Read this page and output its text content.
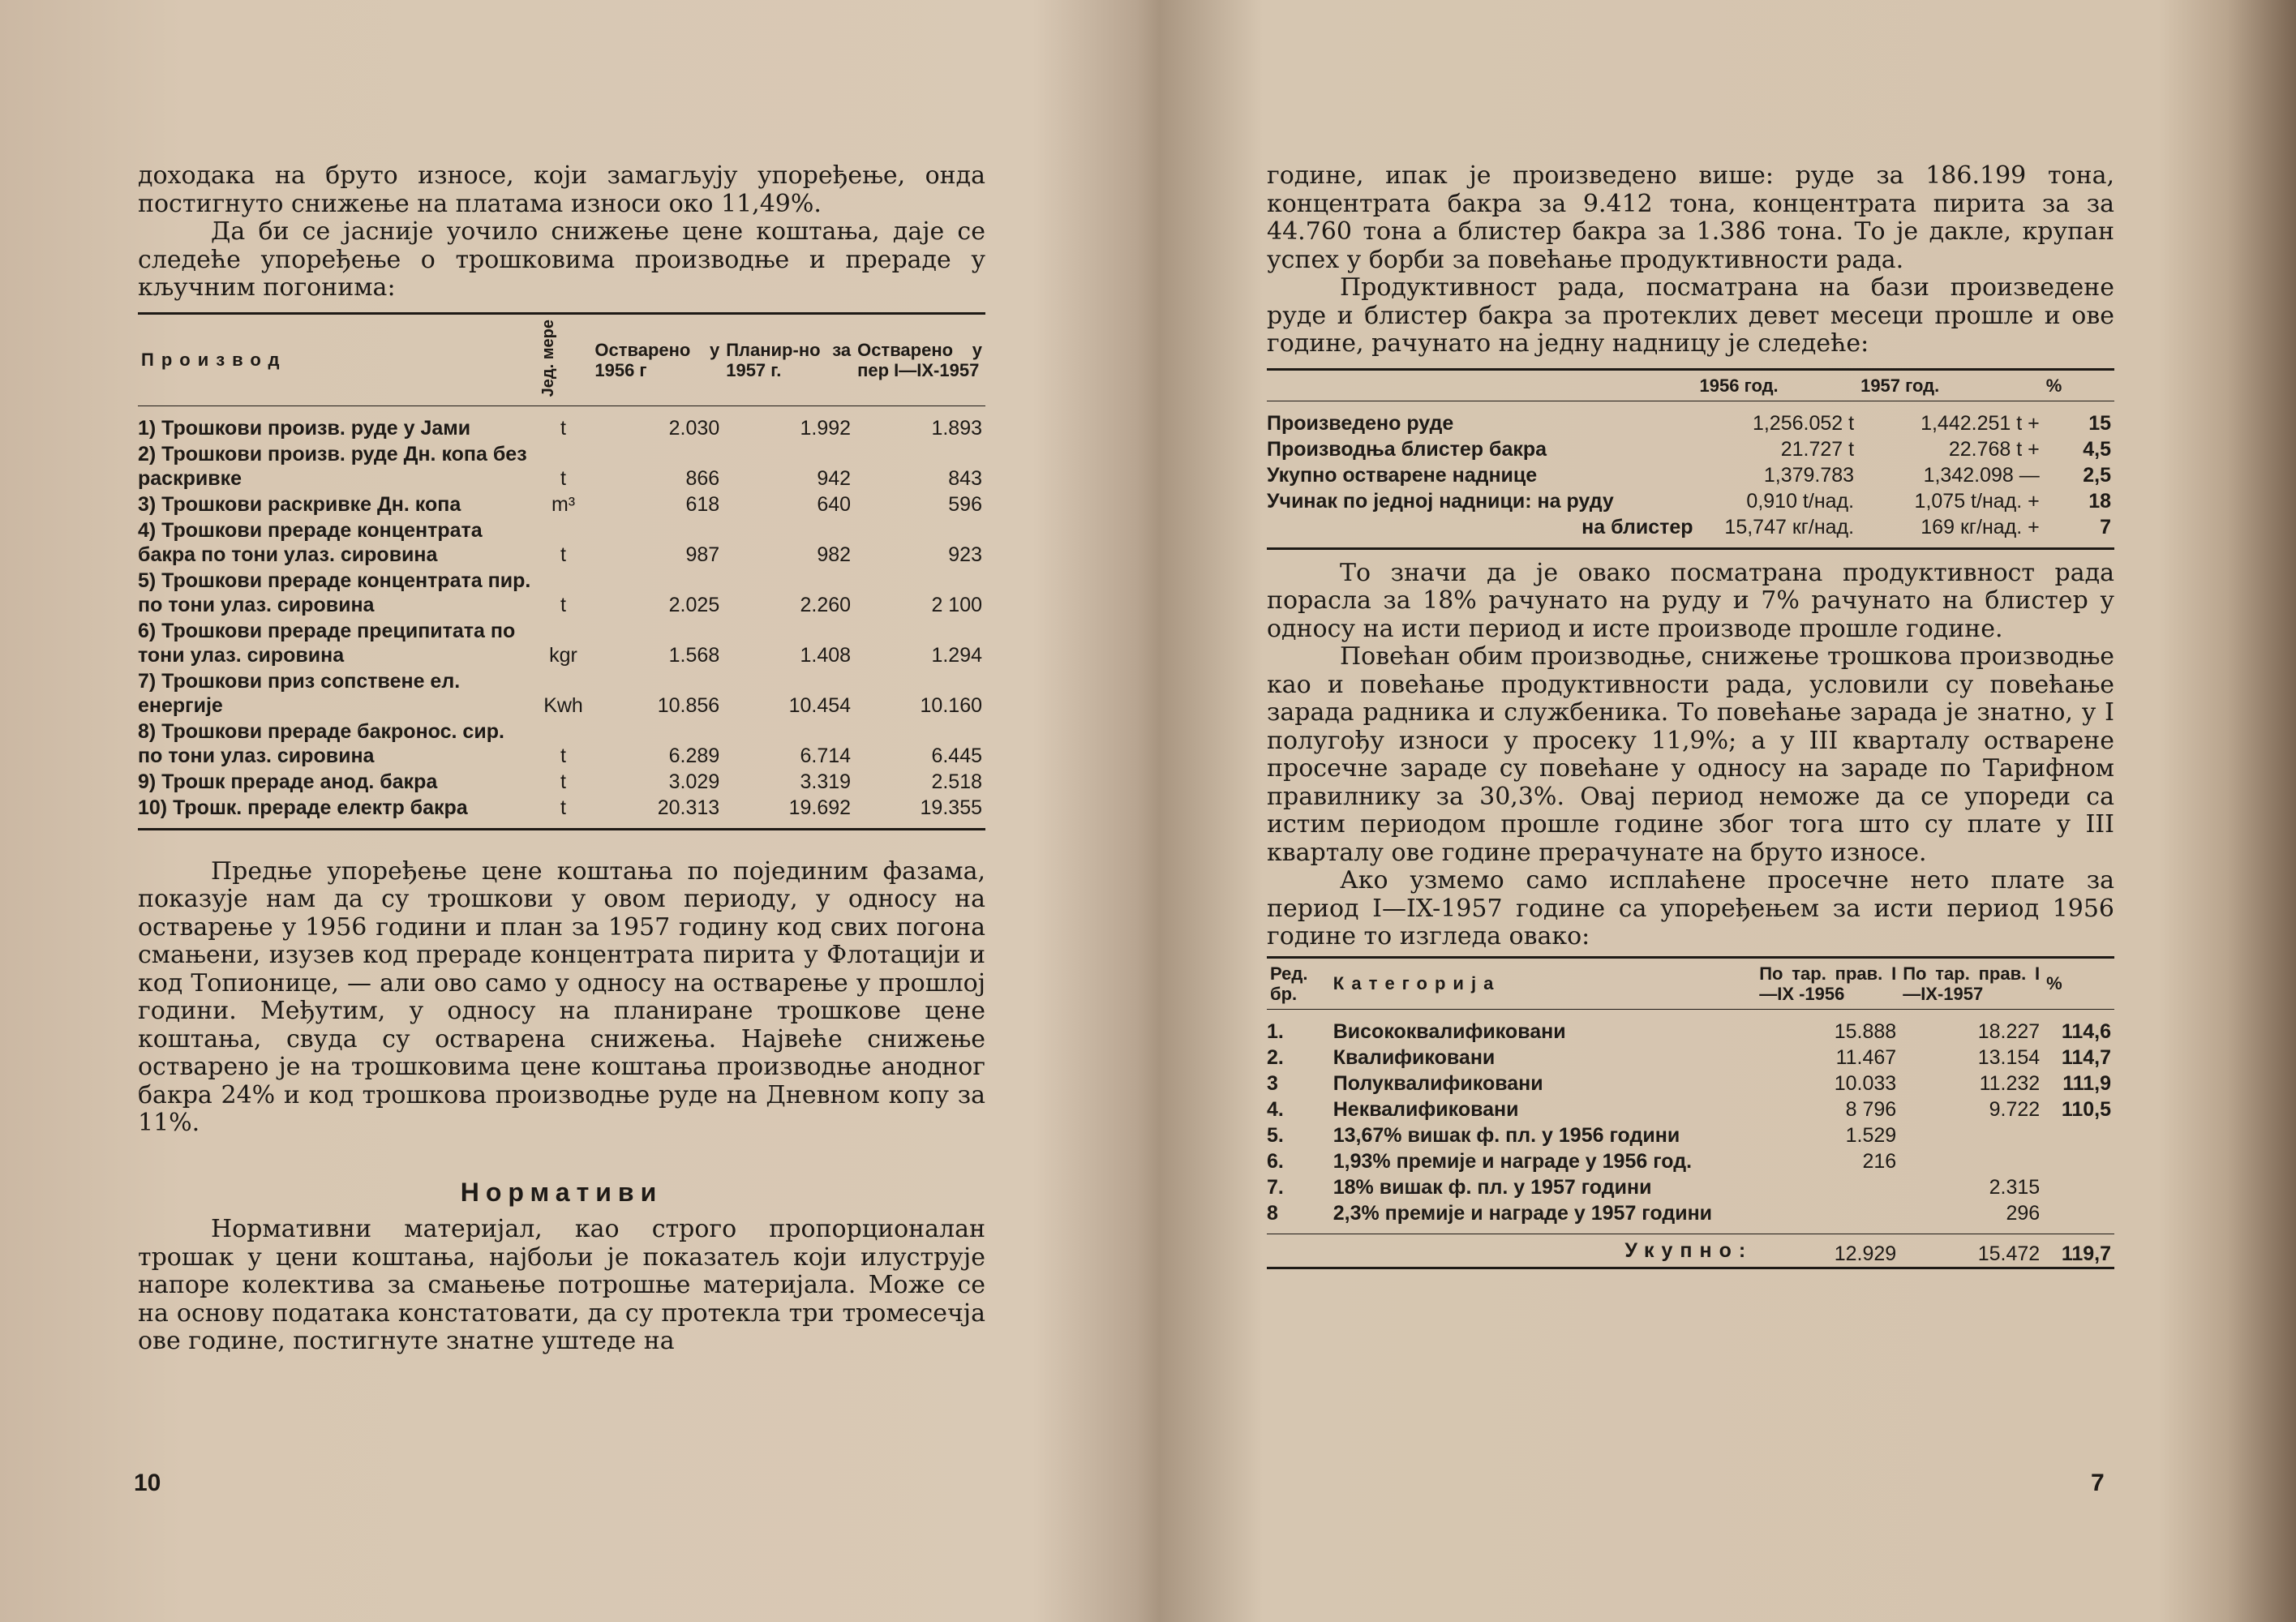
доходака на бруто износе, који замагљују упоређење, онда постигнуто снижење на платама износи око 11,49%.

Да би се јасније уочило снижење цене коштања, даје се следеће упоређење о трошковима производње и прераде у кључним погонима:

Производ	Јед. мере	Остварено у 1956 г	Планир-но за 1957 г.	Остварено у пер I—IX-1957
1) Трошкови произв. руде у Јами	t	2.030	1.992	1.893
2) Трошкови произв. руде Дн. копа без раскривке	t	866	942	843
3) Трошкови раскривке Дн. копа	m³	618	640	596
4) Трошкови прераде концентрата бакра по тони улаз. сировина	t	987	982	923
5) Трошкови прераде концентрата пир. по тони улаз. сировина	t	2.025	2.260	2 100
6) Трошкови прераде преципитата по тони улаз. сировина	kgr	1.568	1.408	1.294
7) Трошкови приз сопствене ел. енергије	Kwh	10.856	10.454	10.160
8) Трошкови прераде бакронос. сир. по тони улаз. сировина	t	6.289	6.714	6.445
9) Трошк прераде анод. бакра	t	3.029	3.319	2.518
10) Трошк. прераде електр бакра	t	20.313	19.692	19.355

Предње упоређење цене коштања по појединим фазама, показује нам да су трошкови у овом периоду, у односу на остварење у 1956 години и план за 1957 годину код свих погона смањени, изузев код прераде концентрата пирита у Флотацији и код Топионице, — али ово само у односу на остварење у прошлој години. Међутим, у односу на планиране трошкове цене коштања, свуда су остварена снижења. Највеће снижење остварено је на трошковима цене коштања производње анодног бакра 24% и код трошкова производње руде на Дневном копу за 11%.

Нормативи

Нормативни материјал, као строго пропорционалан трошак у цени коштања, најбољи је показатељ који илуструје напоре колектива за смањење потрошње материјала. Може се на основу података констатовати, да су протекла три тромесечја ове године, постигнуте знатне уштеде на

10

године, ипак је произведено више: руде за 186.199 тона, концентрата бакра за 9.412 тона, концентрата пирита за за 44.760 тона а блистер бакра за 1.386 тона. То је дакле, крупан успех у борби за повећање продуктивности рада.

Продуктивност рада, посматрана на бази произведене руде и блистер бакра за протеклих девет месеци прошле и ове године, рачунато на једну надницу је следеће:

	1956 год.	1957 год.	%
Произведено руде	1,256.052 t	1,442.251 t +	15
Производња блистер бакра	21.727 t	22.768 t +	4,5
Укупно остварене наднице	1,379.783	1,342.098 —	2,5
Учинак по једној надници: на руду	0,910 t/над.	1,075 t/над. +	18
на блистер	15,747 кг/над.	169 кг/над. +	7

То значи да је овако посматрана продуктивност рада порасла за 18% рачунато на руду и 7% рачунато на блистер у односу на исти период и исте производе прошле године.

Повећан обим производње, снижење трошкова производње као и повећање продуктивности рада, условили су повећање зарада радника и службеника. То повећање зарада је знатно, у I полугођу износи у просеку 11,9%; а у III кварталу остварене просечне зараде су повећане у односу на зараде по Тарифном правилнику за 30,3%. Овај период неможе да се упореди са истим периодом прошле године због тога што су плате у III кварталу ове године прерачунате на бруто износе.

Ако узмемо само исплаћене просечне нето плате за период I—IX-1957 године са упоређењем за исти период 1956 године то изгледа овако:

Ред. бр.	Категорија	По тар. прав. I—IX -1956	По тар. прав. I—IX-1957	%
1.	Висококвалификовани	15.888	18.227	114,6
2.	Квалификовани	11.467	13.154	114,7
3	Полуквалификовани	10.033	11.232	111,9
4.	Неквалификовани	8 796	9.722	110,5
5.	13,67% вишак ф. пл. у 1956 години	1.529		
6.	1,93% премије и награде у 1956 год.	216		
7.	18% вишак ф. пл. у 1957 години		2.315	
8	2,3% премије и награде у 1957 години		296	
	Укупно:	12.929	15.472	119,7
7
